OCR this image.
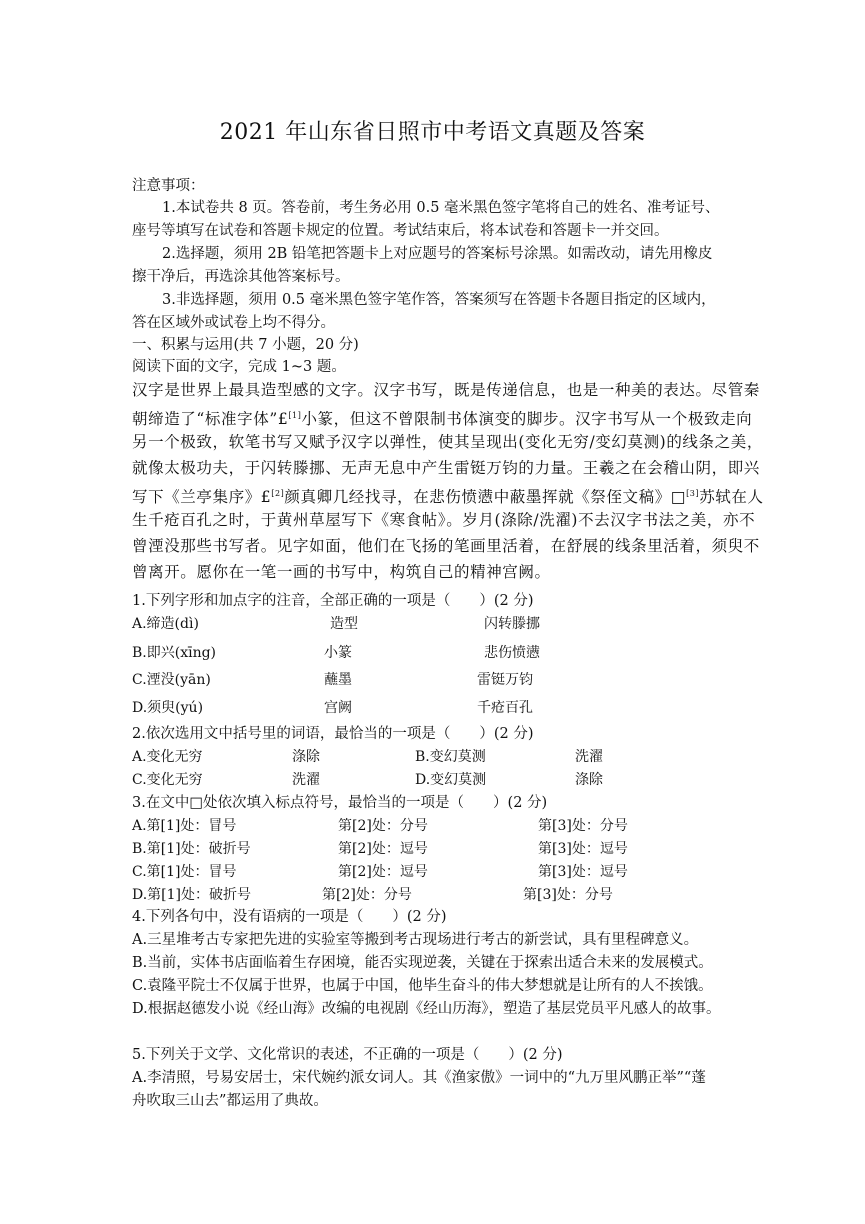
2021 年山东省日照市中考语文真题及答案
注意事项：
1.本试卷共 8 页。答卷前，考生务必用 0.5 毫米黑色签字笔将自己的姓名、准考证号、
座号等填写在试卷和答题卡规定的位置。考试结束后，将本试卷和答题卡一并交回。
2.选择题，须用 2B 铅笔把答题卡上对应题号的答案标号涂黑。如需改动，请先用橡皮
擦干净后，再选涂其他答案标号。
3.非选择题，须用 0.5 毫米黑色签字笔作答，答案须写在答题卡各题目指定的区域内，
答在区域外或试卷上均不得分。
一、积累与运用(共 7 小题，20 分)
阅读下面的文字，完成 1~3 题。
汉字是世界上最具造型感的文字。汉字书写，既是传递信息，也是一种美的表达。尽管秦
朝缔造了“标准字体”£[1]小篆，但这不曾限制书体演变的脚步。汉字书写从一个极致走向
另一个极致，软笔书写又赋予汉字以弹性，使其呈现出(变化无穷/变幻莫测)的线条之美，
就像太极功夫，于闪转滕挪、无声无息中产生雷铤万钧的力量。王羲之在会稽山阴，即兴
写下《兰亭集序》£[2]颜真卿几经找寻，在悲伤愤懑中蔽墨挥就《祭侄文稿》□[3]苏轼在人
生千疮百孔之时，于黄州草屋写下《寒食帖》。岁月(涤除/洗濯)不去汉字书法之美，亦不
曾湮没那些书写者。见字如面，他们在飞扬的笔画里活着，在舒展的线条里活着，须臾不
曾离开。愿你在一笔一画的书写中，构筑自己的精神宫阙。
1.下列字形和加点字的注音，全部正确的一项是（　　）(2 分)
A.缔造(dì)	造型	闪转滕挪
B.即兴(xīng)	小篆	悲伤愤懑
C.湮没(yān)	蘸墨	雷铤万钧
D.须臾(yú)	宫阙	千疮百孔
2.依次选用文中括号里的词语，最恰当的一项是（　　）(2 分)
A.变化无穷	涤除	B.变幻莫测	洗濯
C.变化无穷	洗濯	D.变幻莫测	涤除
3.在文中□处依次填入标点符号，最恰当的一项是（　　）(2 分)
A.第[1]处：冒号	第[2]处：分号	第[3]处：分号
B.第[1]处：破折号	第[2]处：逗号	第[3]处：逗号
C.第[1]处：冒号	第[2]处：逗号	第[3]处：逗号
D.第[1]处：破折号	第[2]处：分号	第[3]处：分号
4.下列各句中，没有语病的一项是（　　）(2 分)
A.三星堆考古专家把先进的实验室等搬到考古现场进行考古的新尝试，具有里程碑意义。
B.当前，实体书店面临着生存困境，能否实现逆袭，关键在于探索出适合未来的发展模式。
C.袁隆平院士不仅属于世界，也属于中国，他毕生奋斗的伟大梦想就是让所有的人不挨饿。
D.根据赵德发小说《经山海》改编的电视剧《经山历海》，塑造了基层党员平凡感人的故事。
5.下列关于文学、文化常识的表述，不正确的一项是（　　）(2 分)
A.李清照，号易安居士，宋代婉约派女词人。其《渔家傲》一词中的“九万里风鹏正举”“蓬
舟吹取三山去”都运用了典故。
